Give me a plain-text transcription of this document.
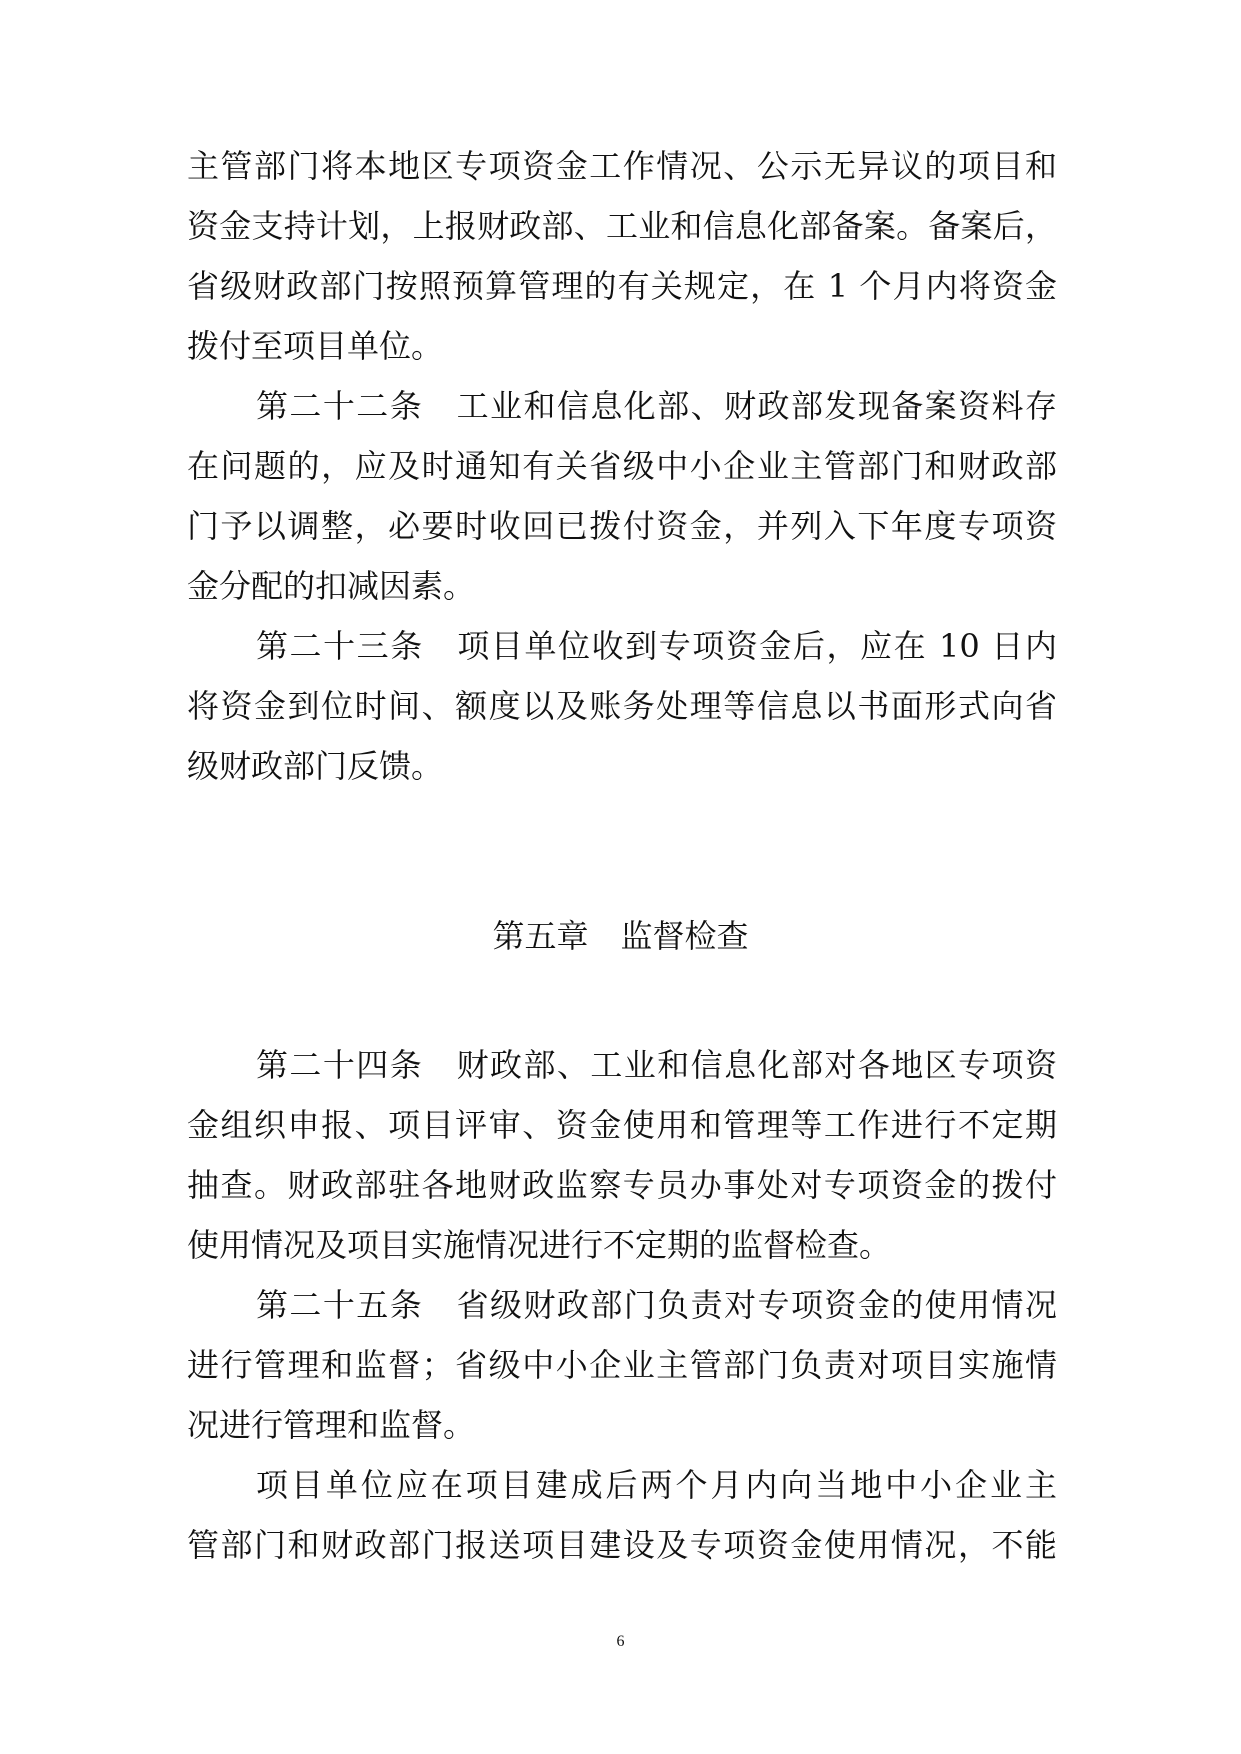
主管部门将本地区专项资金工作情况、公示无异议的项目和
资金支持计划，上报财政部、工业和信息化部备案。备案后，
省级财政部门按照预算管理的有关规定，在 1 个月内将资金
拨付至项目单位。
第二十二条　工业和信息化部、财政部发现备案资料存
在问题的，应及时通知有关省级中小企业主管部门和财政部
门予以调整，必要时收回已拨付资金，并列入下年度专项资
金分配的扣减因素。
第二十三条　项目单位收到专项资金后，应在 10 日内
将资金到位时间、额度以及账务处理等信息以书面形式向省
级财政部门反馈。
第五章　监督检查
第二十四条　财政部、工业和信息化部对各地区专项资
金组织申报、项目评审、资金使用和管理等工作进行不定期
抽查。财政部驻各地财政监察专员办事处对专项资金的拨付
使用情况及项目实施情况进行不定期的监督检查。
第二十五条　省级财政部门负责对专项资金的使用情况
进行管理和监督；省级中小企业主管部门负责对项目实施情
况进行管理和监督。
项目单位应在项目建成后两个月内向当地中小企业主
管部门和财政部门报送项目建设及专项资金使用情况，不能
6
